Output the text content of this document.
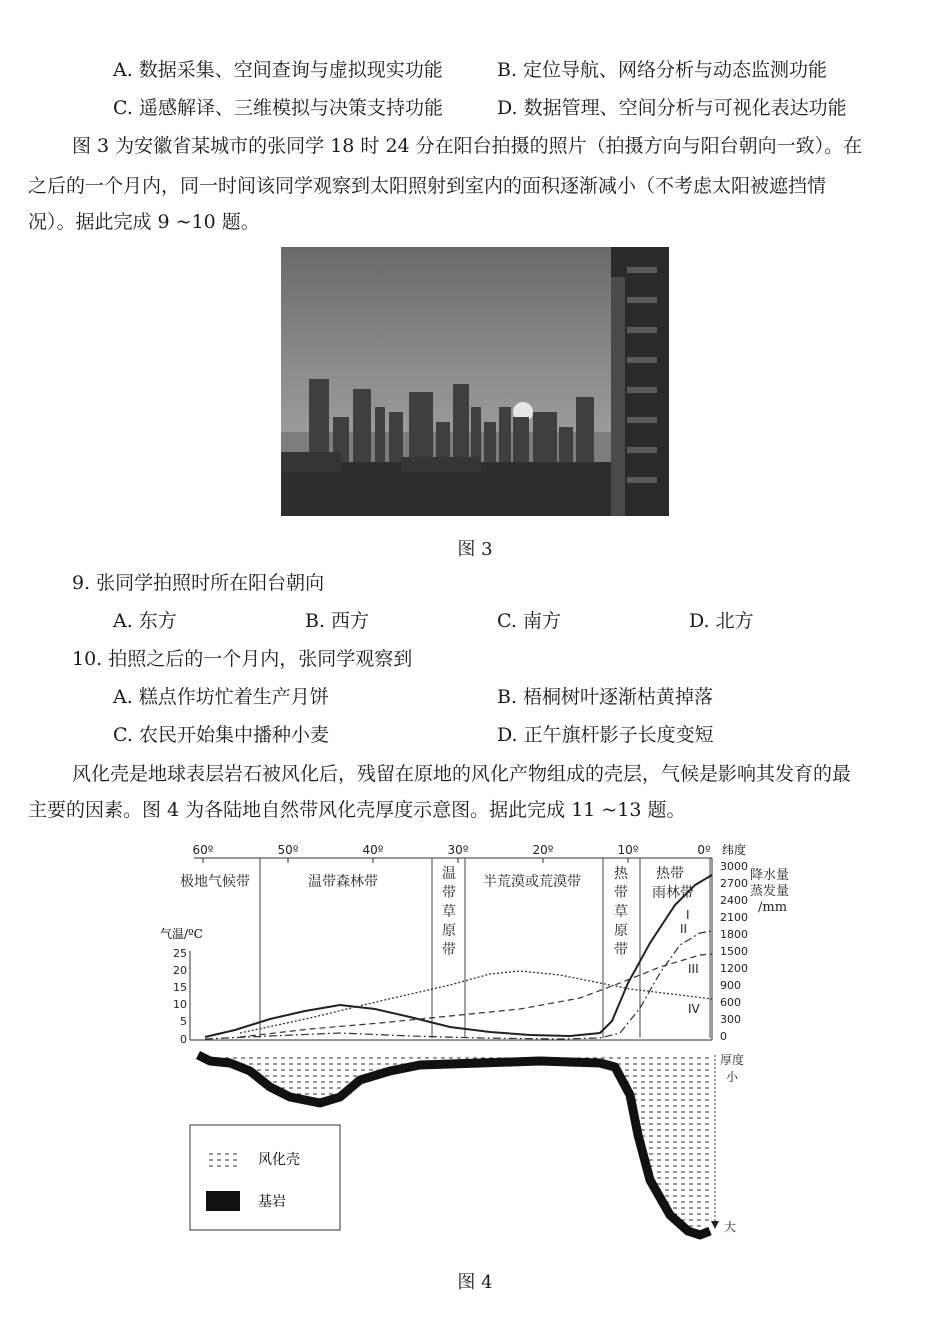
A. 数据采集、空间查询与虚拟现实功能	B. 定位导航、网络分析与动态监测功能
C. 遥感解译、三维模拟与决策支持功能	D. 数据管理、空间分析与可视化表达功能
图 3 为安徽省某城市的张同学 18 时 24 分在阳台拍摄的照片（拍摄方向与阳台朝向一致）。在
之后的一个月内，同一时间该同学观察到太阳照射到室内的面积逐渐减小（不考虑太阳被遮挡情
况）。据此完成 9 ~10 题。
图 3
9. 张同学拍照时所在阳台朝向
A. 东方	B. 西方	C. 南方	D. 北方
10. 拍照之后的一个月内，张同学观察到
A. 糕点作坊忙着生产月饼	B. 梧桐树叶逐渐枯黄掉落
C. 农民开始集中播种小麦	D. 正午旗杆影子长度变短
风化壳是地球表层岩石被风化后，残留在原地的风化产物组成的壳层，气候是影响其发育的最
主要的因素。图 4 为各陆地自然带风化壳厚度示意图。据此完成 11 ~13 题。
60º	50º	40º	30º	20º	10º	0º 纬度
极地气候带	温带森林带	温
带
草
原
带
半荒漠或荒漠带 热
带
草
原
带
热带
雨林带
气温/ºC
25
20
15
10
5
0
3000
2700
2400
2100
1800
1500
1200
900
600
300
0
降水量
蒸发量
/mm
I
II
III
IV
厚度
小
大
风化壳
基岩
图 4
